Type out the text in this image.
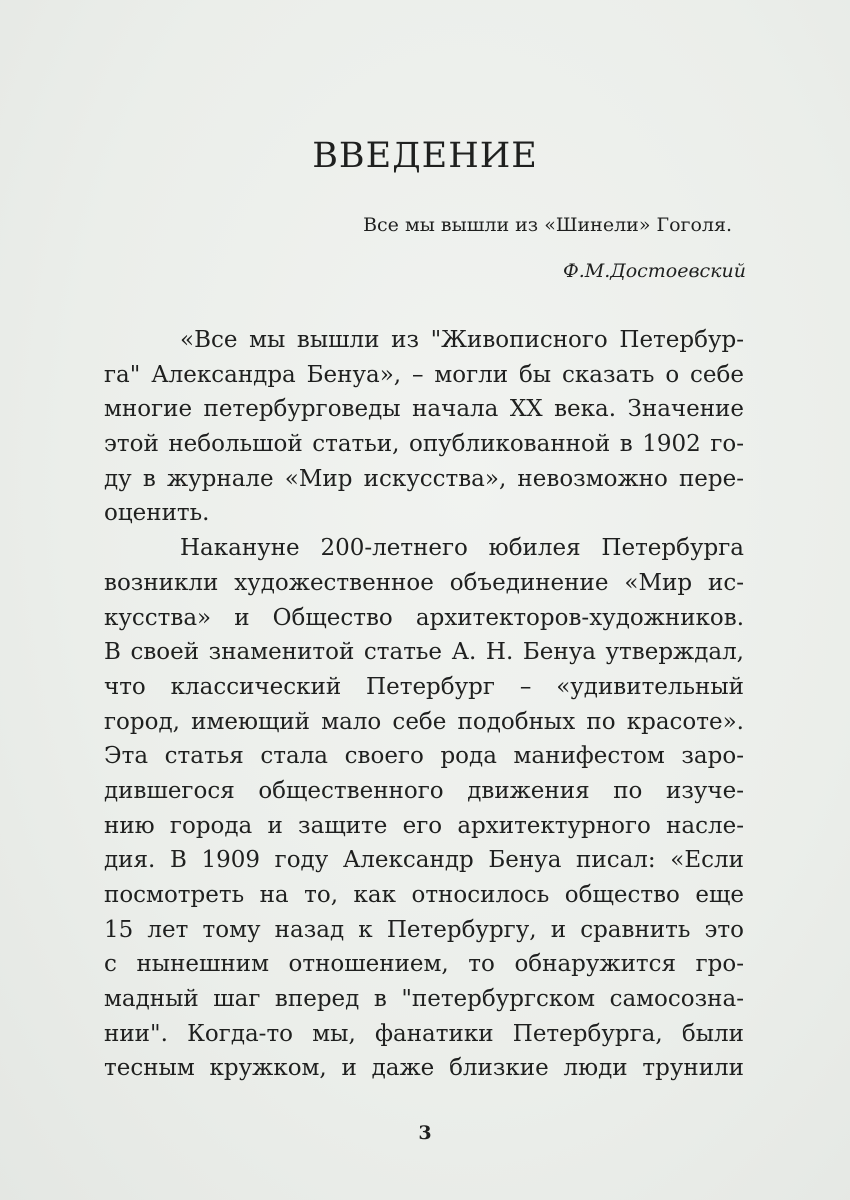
ВВЕДЕНИЕ

Все мы вышли из «Шинели» Гоголя.

Ф.М.Достоевский

«Все мы вышли из "Живописного Петербур-
га" Александра Бенуа», – могли бы сказать о себе
многие петербурговеды начала XX века. Значение
этой небольшой статьи, опубликованной в 1902 го-
ду в журнале «Мир искусства», невозможно пере-
оценить.
Накануне 200-летнего юбилея Петербурга
возникли художественное объединение «Мир ис-
кусства» и Общество архитекторов-художников.
В своей знаменитой статье А. Н. Бенуа утверждал,
что классический Петербург – «удивительный
город, имеющий мало себе подобных по красоте».
Эта статья стала своего рода манифестом заро-
дившегося общественного движения по изуче-
нию города и защите его архитектурного насле-
дия. В 1909 году Александр Бенуа писал: «Если
посмотреть на то, как относилось общество еще
15 лет тому назад к Петербургу, и сравнить это
с нынешним отношением, то обнаружится гро-
мадный шаг вперед в "петербургском самосозна-
нии". Когда-то мы, фанатики Петербурга, были
тесным кружком, и даже близкие люди трунили
3
